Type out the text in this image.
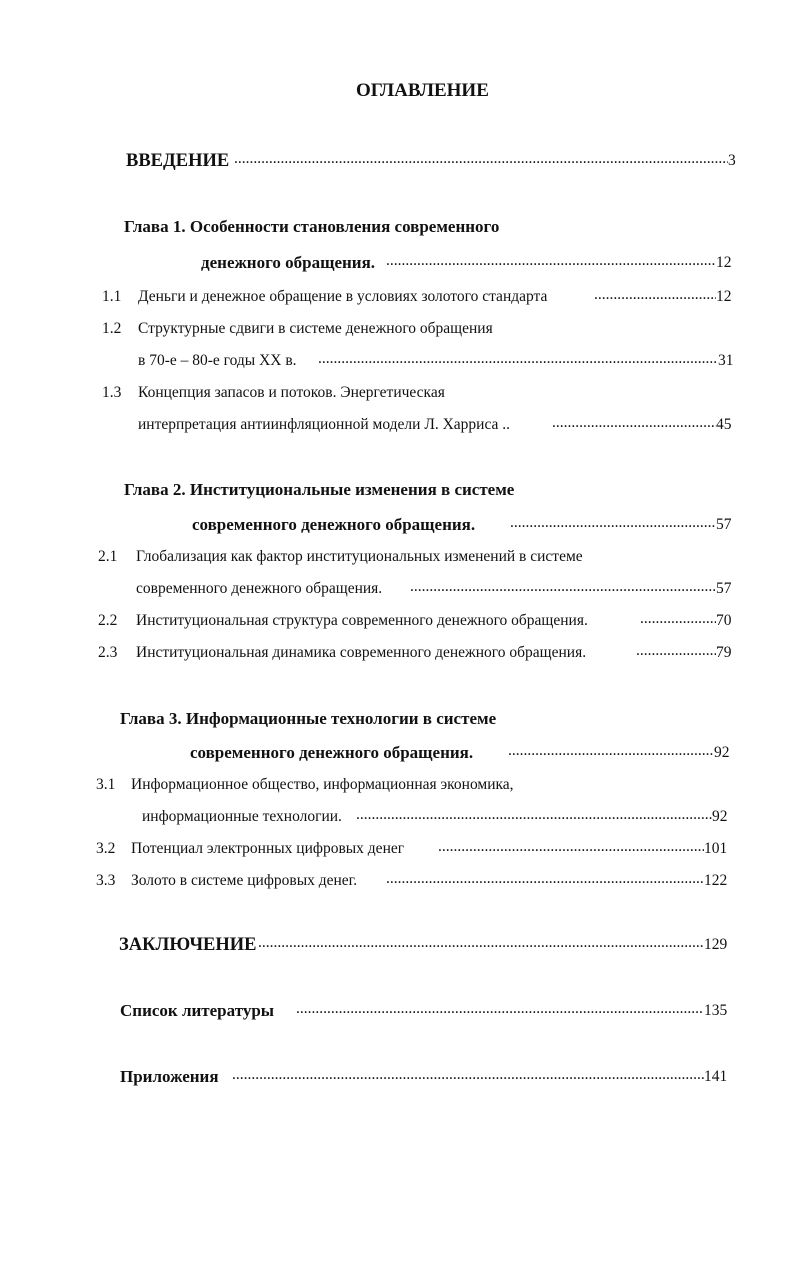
ОГЛАВЛЕНИЕ
ВВЕДЕНИЕ .....	3
Глава 1. Особенности становления современного
денежного обращения. .....	12
1.1 Деньги и денежное обращение в условиях золотого стандарта .....	12
1.2 Структурные сдвиги в системе денежного обращения
в 70-е – 80-е годы XX в. .....	31
1.3 Концепция запасов и потоков. Энергетическая
интерпретация антиинфляционной модели Л. Харриса .. .....	45
Глава 2. Институциональные изменения в системе
современного денежного обращения. .....	57
2.1 Глобализация как фактор институциональных изменений в системе
современного денежного обращения. .....	57
2.2 Институциональная структура современного денежного обращения. .....	70
2.3 Институциональная динамика современного денежного обращения. .....	79
Глава 3. Информационные технологии в системе
современного денежного обращения. .....	92
3.1 Информационное общество, информационная экономика,
информационные технологии. .....	92
3.2 Потенциал электронных цифровых денег .....	101
3.3 Золото в системе цифровых денег. .....	122
ЗАКЛЮЧЕНИЕ .....	129
Список литературы .....	135
Приложения .....	141
